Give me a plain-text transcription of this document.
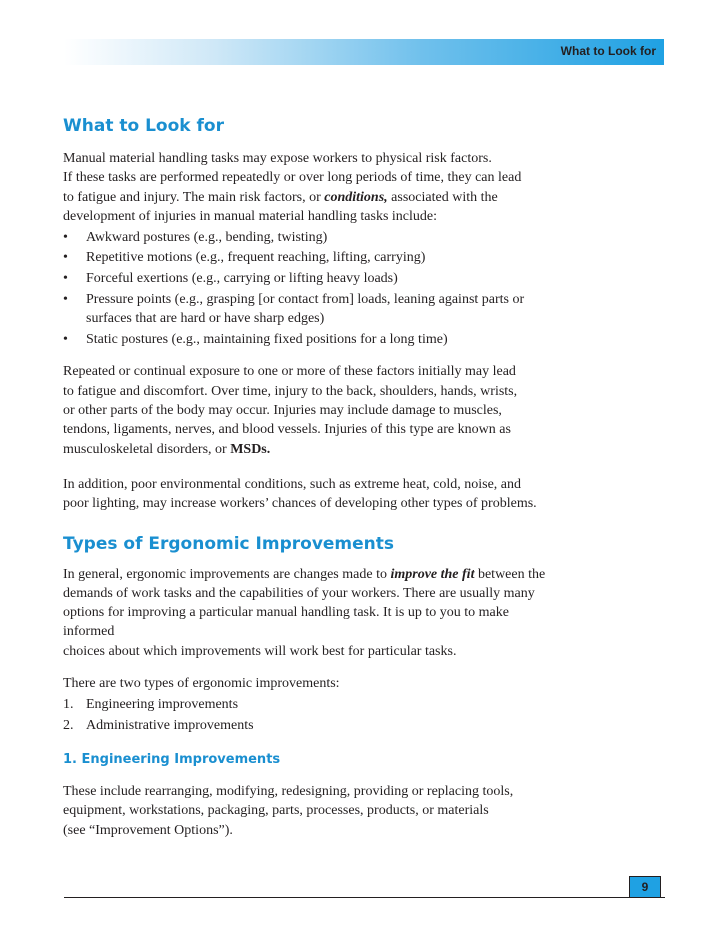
What to Look for
What to Look for

Manual material handling tasks may expose workers to physical risk factors.
If these tasks are performed repeatedly or over long periods of time, they can lead
to fatigue and injury. The main risk factors, or conditions, associated with the
development of injuries in manual material handling tasks include:

• Awkward postures (e.g., bending, twisting)
• Repetitive motions (e.g., frequent reaching, lifting, carrying)
• Forceful exertions (e.g., carrying or lifting heavy loads)
• Pressure points (e.g., grasping [or contact from] loads, leaning against parts or
surfaces that are hard or have sharp edges)
• Static postures (e.g., maintaining fixed positions for a long time)

Repeated or continual exposure to one or more of these factors initially may lead
to fatigue and discomfort. Over time, injury to the back, shoulders, hands, wrists,
or other parts of the body may occur. Injuries may include damage to muscles,
tendons, ligaments, nerves, and blood vessels. Injuries of this type are known as
musculoskeletal disorders, or MSDs.

In addition, poor environmental conditions, such as extreme heat, cold, noise, and
poor lighting, may increase workers’ chances of developing other types of problems.

Types of Ergonomic Improvements

In general, ergonomic improvements are changes made to improve the fit between the
demands of work tasks and the capabilities of your workers. There are usually many
options for improving a particular manual handling task. It is up to you to make informed
choices about which improvements will work best for particular tasks.

There are two types of ergonomic improvements:

1. Engineering improvements
2. Administrative improvements
1. Engineering Improvements

These include rearranging, modifying, redesigning, providing or replacing tools,
equipment, workstations, packaging, parts, processes, products, or materials
(see “Improvement Options”).

9
